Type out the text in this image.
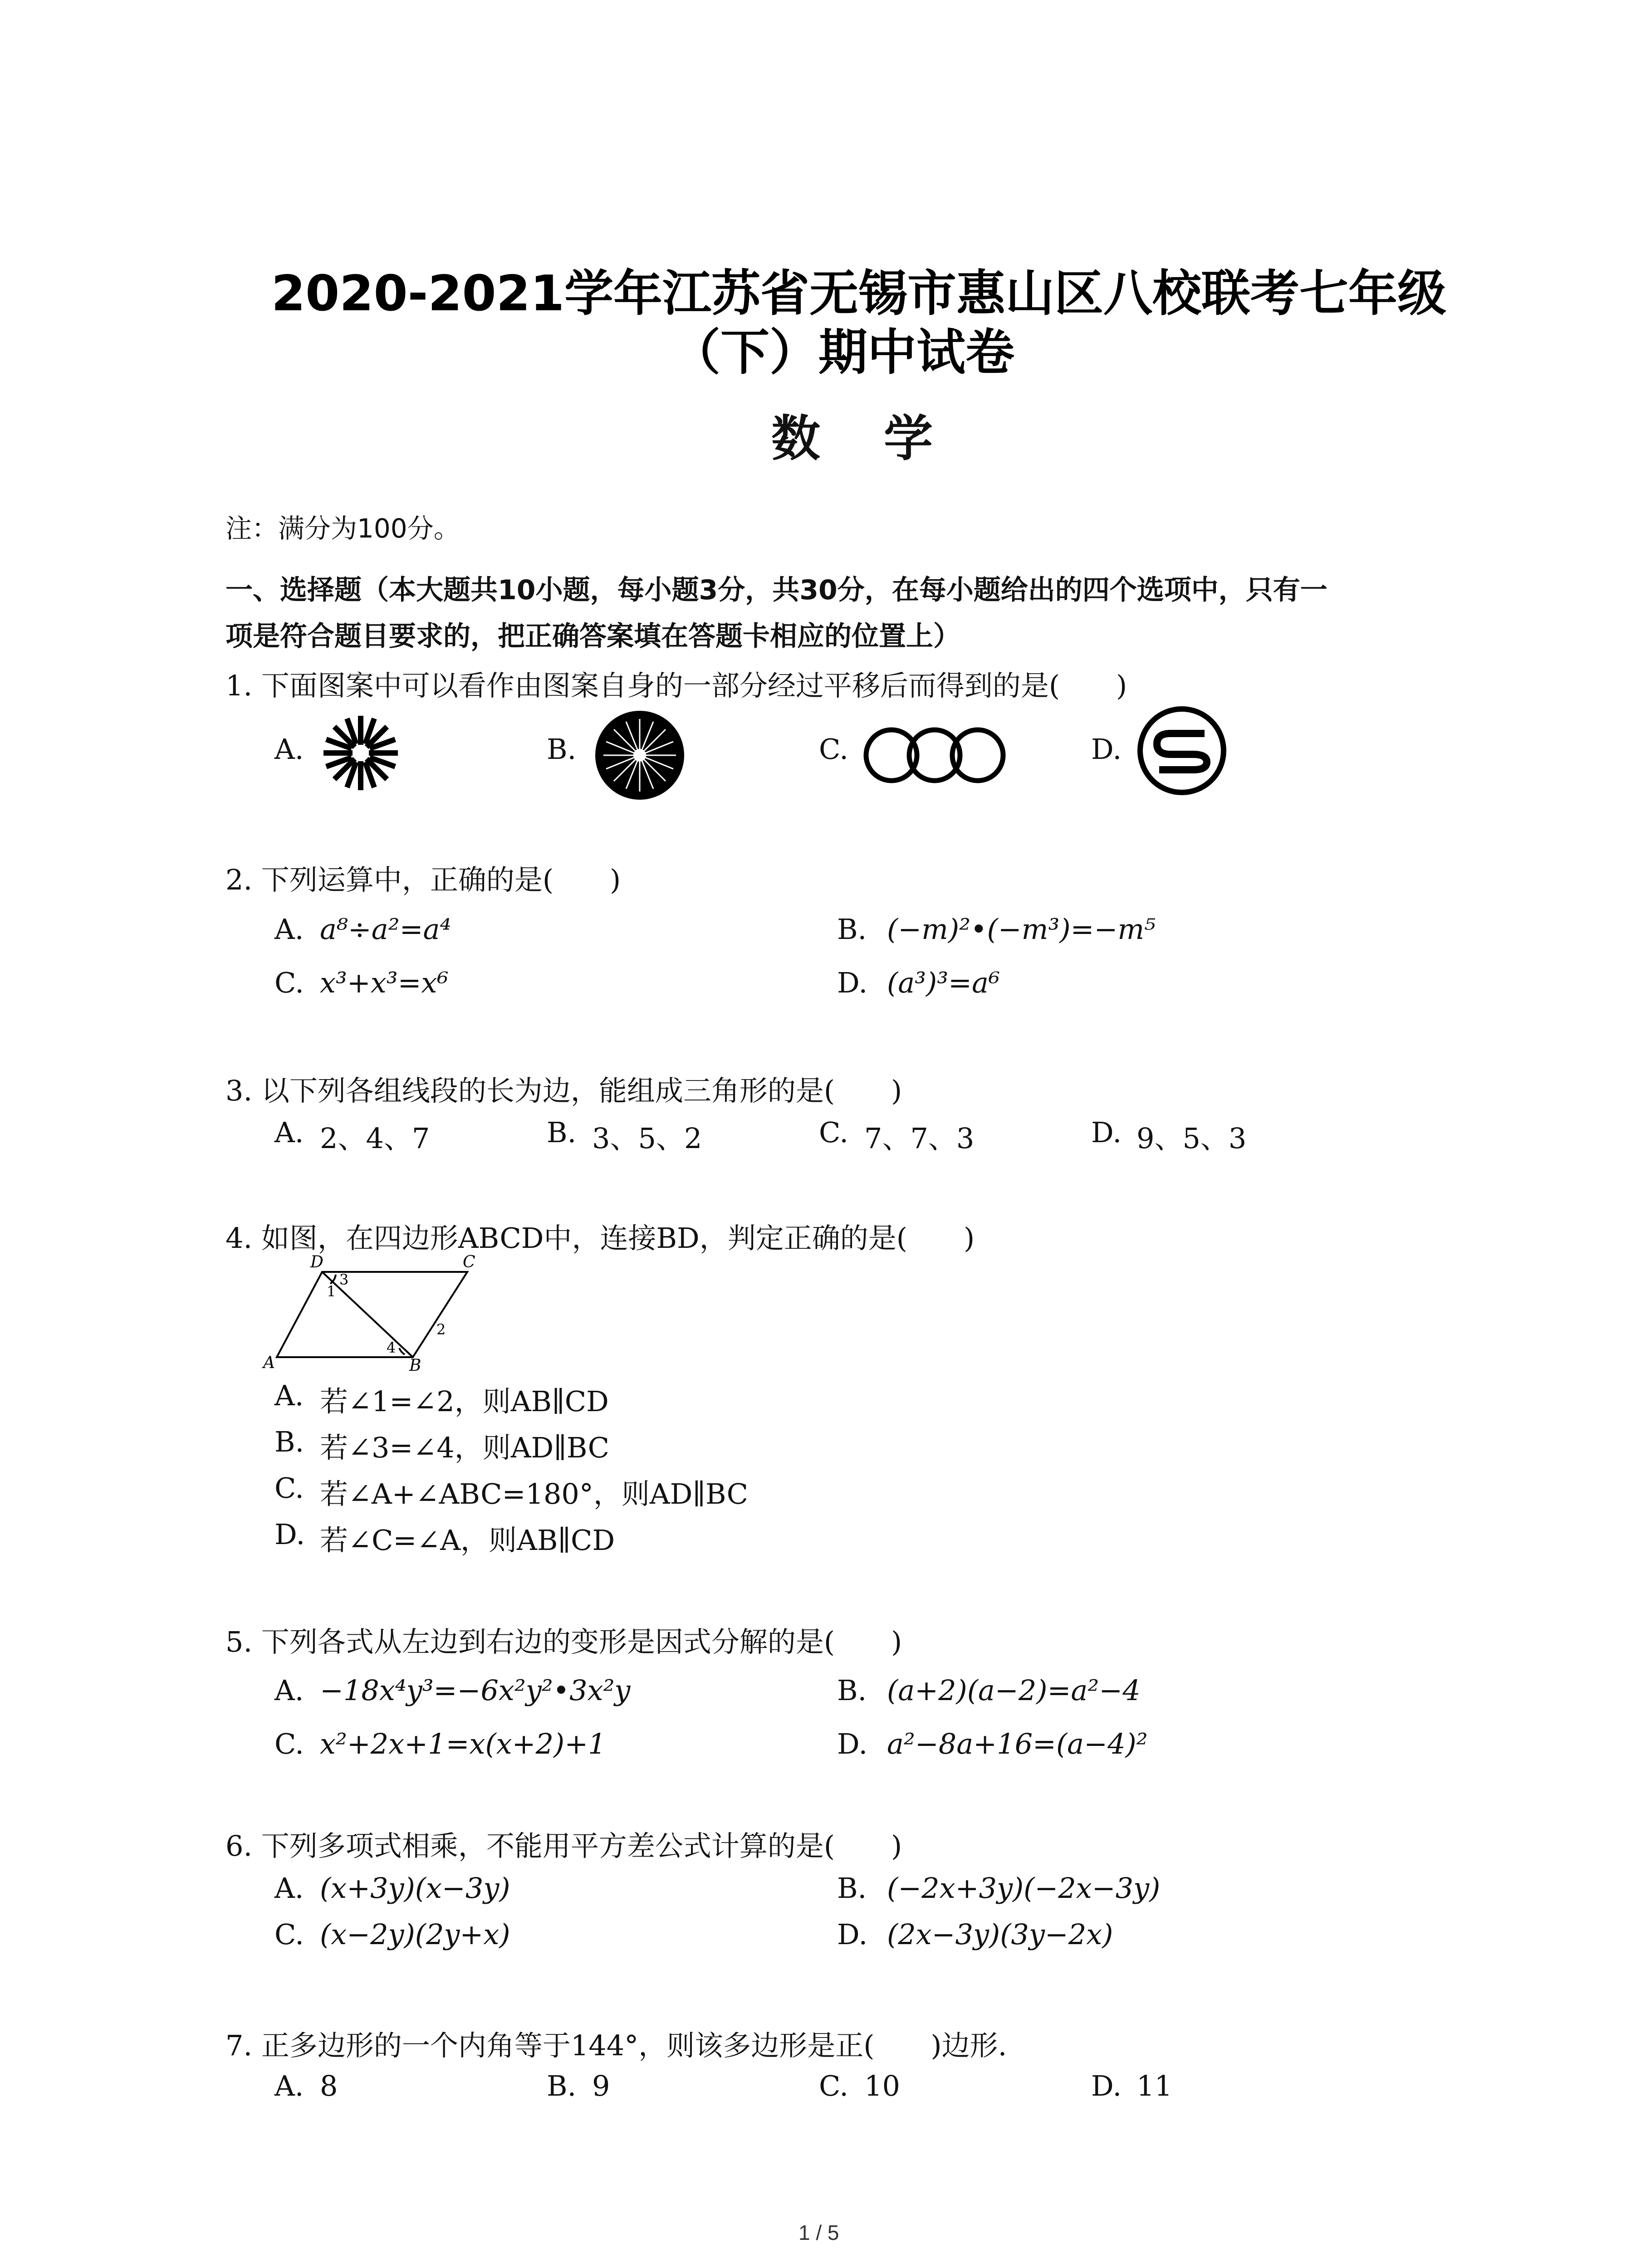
2020-2021学年江苏省无锡市惠山区八校联考七年级
（下）期中试卷
数学
注：满分为100分。
一、选择题（本大题共10小题，每小题3分，共30分，在每小题给出的四个选项中，只有一
项是符合题目要求的，把正确答案填在答题卡相应的位置上）
1. 下面图案中可以看作由图案自身的一部分经过平移后而得到的是(　　)
A.	B.	C.	D.
2. 下列运算中，正确的是(　　)
A. a⁸÷a²=a⁴	B. (−m)²•(−m³)=−m⁵
C. x³+x³=x⁶	D. (a³)³=a⁶
3. 以下列各组线段的长为边，能组成三角形的是(　　)
A. 2、4、7	B. 3、5、2	C. 7、7、3	D. 9、5、3
4. 如图，在四边形ABCD中，连接BD，判定正确的是(　　)
A	B
C
D
1
2
3
4
A. 若∠1=∠2，则AB∥CD
B. 若∠3=∠4，则AD∥BC
C. 若∠A+∠ABC=180°，则AD∥BC
D. 若∠C=∠A，则AB∥CD
5. 下列各式从左边到右边的变形是因式分解的是(　　)
A. −18x⁴y³=−6x²y²•3x²y	B. (a+2)(a−2)=a²−4
C. x²+2x+1=x(x+2)+1	D. a²−8a+16=(a−4)²
6. 下列多项式相乘，不能用平方差公式计算的是(　　)
A. (x+3y)(x−3y)	B. (−2x+3y)(−2x−3y)
C. (x−2y)(2y+x)	D. (2x−3y)(3y−2x)
7. 正多边形的一个内角等于144°，则该多边形是正(　　)边形.
A. 8	B. 9	C. 10	D. 11
1 / 5
